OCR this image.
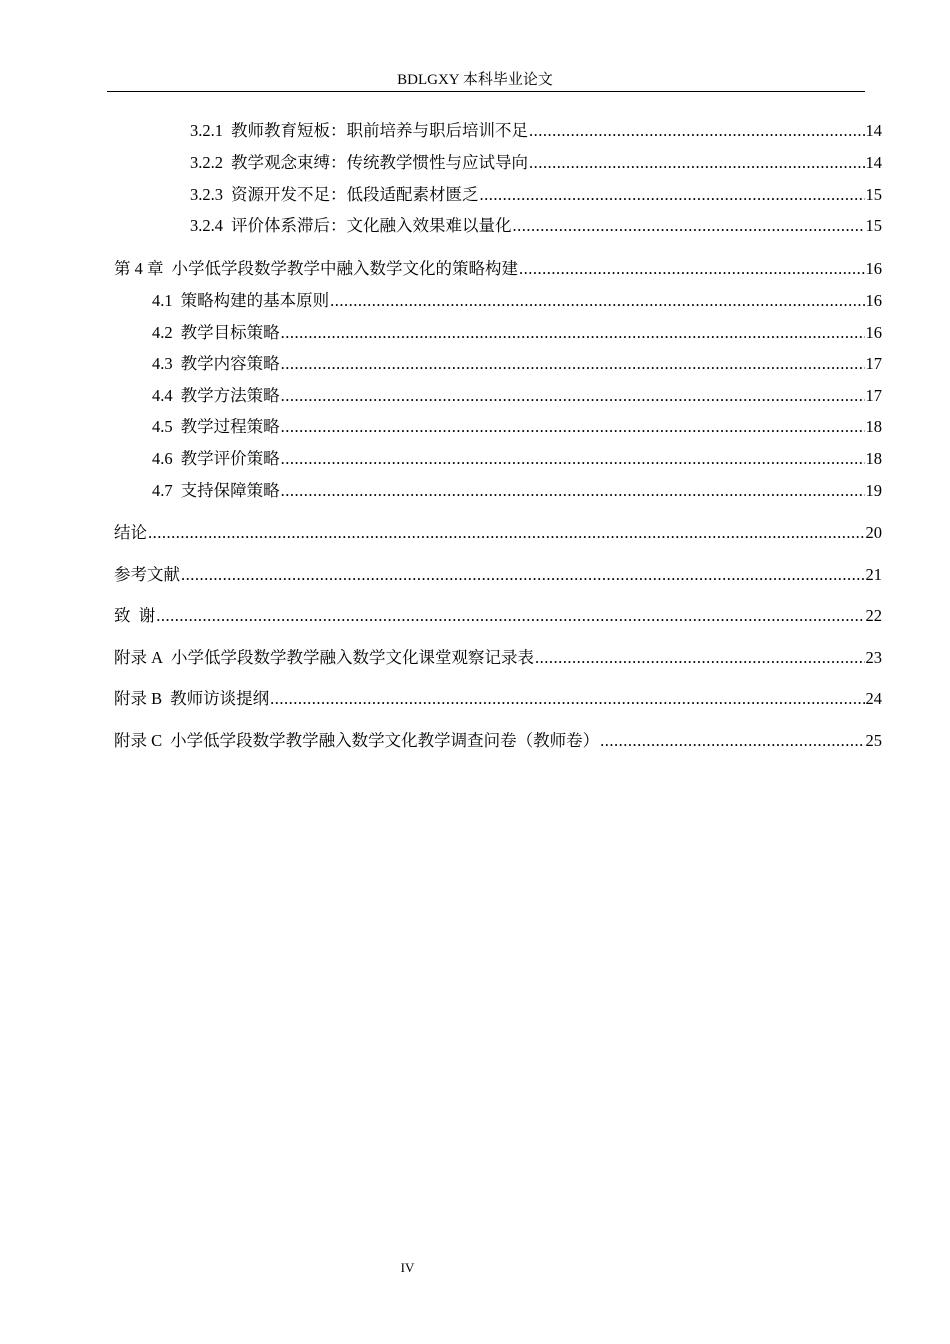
BDLGXY 本科毕业论文
3.2.1 教师教育短板：职前培养与职后培训不足 .....	14
3.2.2 教学观念束缚：传统教学惯性与应试导向 .....	14
3.2.3 资源开发不足：低段适配素材匮乏 .....	15
3.2.4 评价体系滞后：文化融入效果难以量化 .....	15
第 4 章 小学低学段数学教学中融入数学文化的策略构建 .....	16
4.1 策略构建的基本原则 .....	16
4.2 教学目标策略 .....	16
4.3 教学内容策略 .....	17
4.4 教学方法策略 .....	17
4.5 教学过程策略 .....	18
4.6 教学评价策略 .....	18
4.7 支持保障策略 .....	19
结论 .....	20
参考文献 .....	21
致  谢 .....	22
附录 A 小学低学段数学教学融入数学文化课堂观察记录表 .....	23
附录 B 教师访谈提纲 .....	24
附录 C 小学低学段数学教学融入数学文化教学调查问卷（教师卷） .....	25
IV
